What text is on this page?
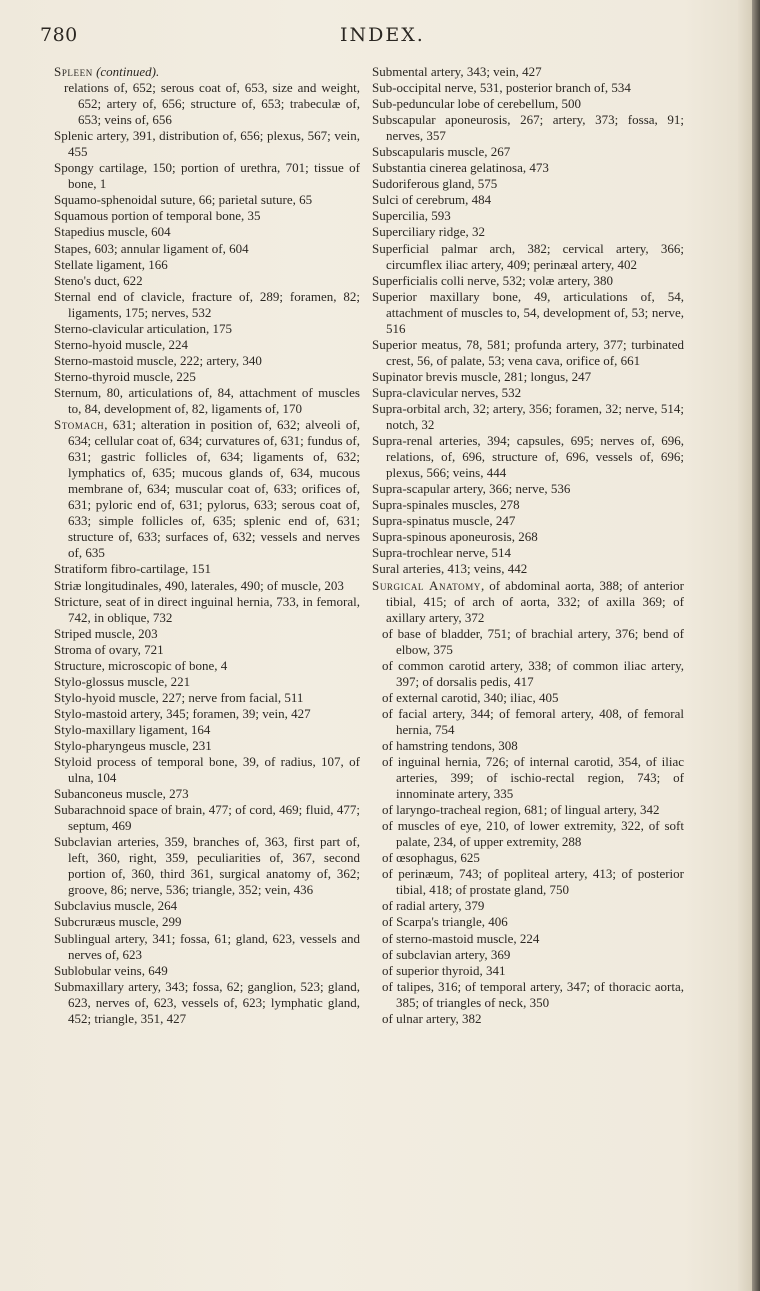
780	INDEX.

Spleen (continued).

relations of, 652; serous coat of, 653, size and weight, 652; artery of, 656; structure of, 653; trabeculæ of, 653; veins of, 656

Splenic artery, 391, distribution of, 656; plexus, 567; vein, 455

Spongy cartilage, 150; portion of urethra, 701; tissue of bone, 1

Squamo-sphenoidal suture, 66; parietal suture, 65

Squamous portion of temporal bone, 35

Stapedius muscle, 604

Stapes, 603; annular ligament of, 604

Stellate ligament, 166

Steno's duct, 622

Sternal end of clavicle, fracture of, 289; foramen, 82; ligaments, 175; nerves, 532

Sterno-clavicular articulation, 175

Sterno-hyoid muscle, 224

Sterno-mastoid muscle, 222; artery, 340

Sterno-thyroid muscle, 225

Sternum, 80, articulations of, 84, attachment of muscles to, 84, development of, 82, ligaments of, 170

Stomach, 631; alteration in position of, 632; alveoli of, 634; cellular coat of, 634; curvatures of, 631; fundus of, 631; gastric follicles of, 634; ligaments of, 632; lymphatics of, 635; mucous glands of, 634, mucous membrane of, 634; muscular coat of, 633; orifices of, 631; pyloric end of, 631; pylorus, 633; serous coat of, 633; simple follicles of, 635; splenic end of, 631; structure of, 633; surfaces of, 632; vessels and nerves of, 635

Stratiform fibro-cartilage, 151

Striæ longitudinales, 490, laterales, 490; of muscle, 203

Stricture, seat of in direct inguinal hernia, 733, in femoral, 742, in oblique, 732

Striped muscle, 203

Stroma of ovary, 721

Structure, microscopic of bone, 4

Stylo-glossus muscle, 221

Stylo-hyoid muscle, 227; nerve from facial, 511

Stylo-mastoid artery, 345; foramen, 39; vein, 427

Stylo-maxillary ligament, 164

Stylo-pharyngeus muscle, 231

Styloid process of temporal bone, 39, of radius, 107, of ulna, 104

Subanconeus muscle, 273

Subarachnoid space of brain, 477; of cord, 469; fluid, 477; septum, 469

Subclavian arteries, 359, branches of, 363, first part of, left, 360, right, 359, peculiarities of, 367, second portion of, 360, third 361, surgical anatomy of, 362; groove, 86; nerve, 536; triangle, 352; vein, 436

Subclavius muscle, 264

Subcruræus muscle, 299

Sublingual artery, 341; fossa, 61; gland, 623, vessels and nerves of, 623

Sublobular veins, 649

Submaxillary artery, 343; fossa, 62; ganglion, 523; gland, 623, nerves of, 623, vessels of, 623; lymphatic gland, 452; triangle, 351, 427

Submental artery, 343; vein, 427

Sub-occipital nerve, 531, posterior branch of, 534

Sub-peduncular lobe of cerebellum, 500

Subscapular aponeurosis, 267; artery, 373; fossa, 91; nerves, 357

Subscapularis muscle, 267

Substantia cinerea gelatinosa, 473

Sudoriferous gland, 575

Sulci of cerebrum, 484

Supercilia, 593

Superciliary ridge, 32

Superficial palmar arch, 382; cervical artery, 366; circumflex iliac artery, 409; perinæal artery, 402

Superficialis colli nerve, 532; volæ artery, 380

Superior maxillary bone, 49, articulations of, 54, attachment of muscles to, 54, development of, 53; nerve, 516

Superior meatus, 78, 581; profunda artery, 377; turbinated crest, 56, of palate, 53; vena cava, orifice of, 661

Supinator brevis muscle, 281; longus, 247

Supra-clavicular nerves, 532

Supra-orbital arch, 32; artery, 356; foramen, 32; nerve, 514; notch, 32

Supra-renal arteries, 394; capsules, 695; nerves of, 696, relations, of, 696, structure of, 696, vessels of, 696; plexus, 566; veins, 444

Supra-scapular artery, 366; nerve, 536

Supra-spinales muscles, 278

Supra-spinatus muscle, 247

Supra-spinous aponeurosis, 268

Supra-trochlear nerve, 514

Sural arteries, 413; veins, 442

Surgical Anatomy, of abdominal aorta, 388; of anterior tibial, 415; of arch of aorta, 332; of axilla 369; of axillary artery, 372

of base of bladder, 751; of brachial artery, 376; bend of elbow, 375

of common carotid artery, 338; of common iliac artery, 397; of dorsalis pedis, 417

of external carotid, 340; iliac, 405

of facial artery, 344; of femoral artery, 408, of femoral hernia, 754

of hamstring tendons, 308

of inguinal hernia, 726; of internal carotid, 354, of iliac arteries, 399; of ischio-rectal region, 743; of innominate artery, 335

of laryngo-tracheal region, 681; of lingual artery, 342

of muscles of eye, 210, of lower extremity, 322, of soft palate, 234, of upper extremity, 288

of œsophagus, 625

of perinæum, 743; of popliteal artery, 413; of posterior tibial, 418; of prostate gland, 750

of radial artery, 379

of Scarpa's triangle, 406

of sterno-mastoid muscle, 224

of subclavian artery, 369

of superior thyroid, 341

of talipes, 316; of temporal artery, 347; of thoracic aorta, 385; of triangles of neck, 350

of ulnar artery, 382
